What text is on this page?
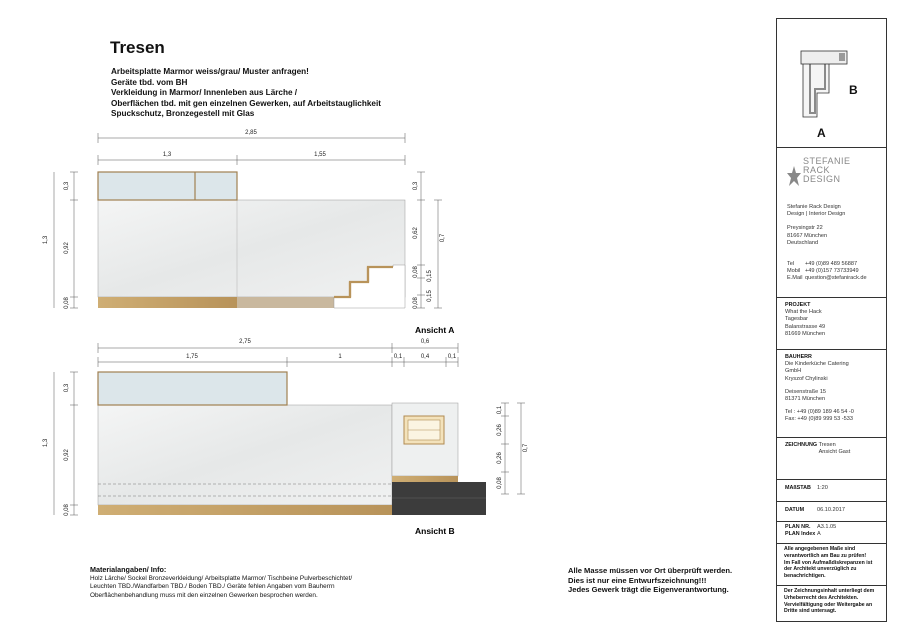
Tresen
Arbeitsplatte Marmor weiss/grau/ Muster anfragen!
Geräte tbd. vom BH
Verkleidung in Marmor/ Innenleben aus Lärche /
Oberflächen tbd. mit gen einzelnen Gewerken, auf Arbeitstauglichkeit
Spuckschutz, Bronzegestell mit Glas
2,85
1,3	1,55
1,3
0,3
0,92
0,08
0,3
0,62
0,08 0,15
0,15
0,08
0,7
2,75	0,6
1,75	1	0,1	0,4	0,1
1,3
0,3
0,92
0,08
0,1
0,26
0,26
0,08
0,7
Ansicht A
Ansicht B
Materialangaben/ Info:
Holz Lärche/ Sockel Bronzeverkleidung/ Arbeitsplatte Marmor/ Tischbeine Pulverbeschichtet/
Leuchten TBD./Wandfarben TBD./ Boden TBD./ Geräte fehlen Angaben vom Bauherrn
Oberflächenbehandlung muss mit den einzelnen Gewerken besprochen werden.
Alle Masse müssen vor Ort überprüft werden.
Dies ist nur eine Entwurfszeichnung!!!
Jedes Gewerk trägt die Eigenverantwortung.
B
A
STEFANIE
RACK
DESIGN
Stefanie Rack Design
Design | Interior Design
Preysingstr 22
81667 München
Deutschland
Tel +49 (0)89 489 56887
Mobil +49 (0)157 73733949
E.Mail question@stefanirack.de
PROJEKT
What the Hack
Tagesbar
Balanstrasse 49
81669 München
BAUHERR
Die Kinderküche Catering
GmbH
Kryszof Chylinski
Deisenstraße 15
81371 München
Tel : +49 (0)89 189 46 54 -0
Fax: +49 (0)89 999 53 -533
ZEICHNUNG Tresen
Ansicht Gast
MAßSTAB 1:20
DATUM 06.10.2017
PLAN NR. A3.1.05
PLAN Index A
Alle angegebenen Maße sind
verantwortlich am Bau zu prüfen!
Im Fall von Aufmaßdiskrepanzen ist
der Architekt unverzüglich zu
benachrichtigen.
Der Zeichnungsinhalt unterliegt dem
Urheberrecht des Architekten.
Vervielfältigung oder Weitergabe an
Dritte sind untersagt.
